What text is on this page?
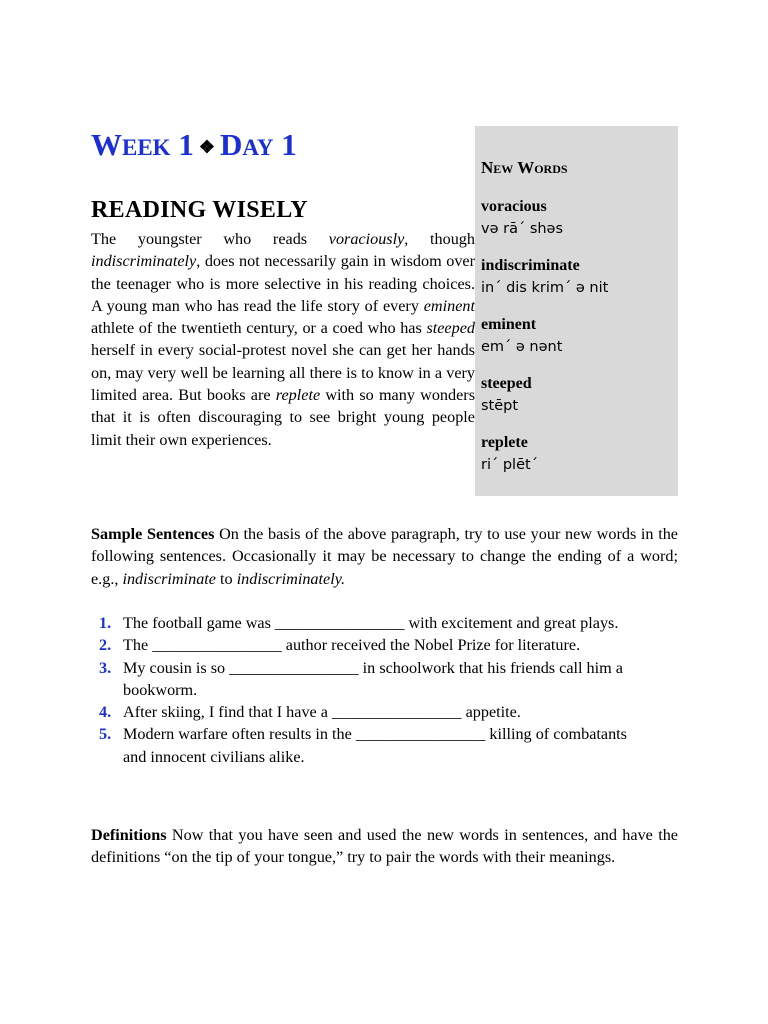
WEEK 1 ❖ DAY 1
READING WISELY

The youngster who reads voraciously, though indiscriminately, does not necessarily gain in wisdom over the teenager who is more selective in his reading choices. A young man who has read the life story of every eminent athlete of the twentieth century, or a coed who has steeped herself in every social-protest novel she can get her hands on, may very well be learning all there is to know in a very limited area. But books are replete with so many wonders that it is often discouraging to see bright young people limit their own experiences.

New Words
voracious
və rā´ shəs
indiscriminate
in´ dis krim´ ə nit
eminent
em´ ə nənt
steeped
stēpt
replete
ri´ plēt´

Sample Sentences On the basis of the above paragraph, try to use your new words in the following sentences. Occasionally it may be necessary to change the ending of a word; e.g., indiscriminate to indiscriminately.

1. The football game was ________________ with excitement and great plays.
2. The ________________ author received the Nobel Prize for literature.
3. My cousin is so ________________ in schoolwork that his friends call him a bookworm.
4. After skiing, I find that I have a ________________ appetite.
5. Modern warfare often results in the ________________ killing of combatants and innocent civilians alike.

Definitions Now that you have seen and used the new words in sentences, and have the definitions “on the tip of your tongue,” try to pair the words with their meanings.
